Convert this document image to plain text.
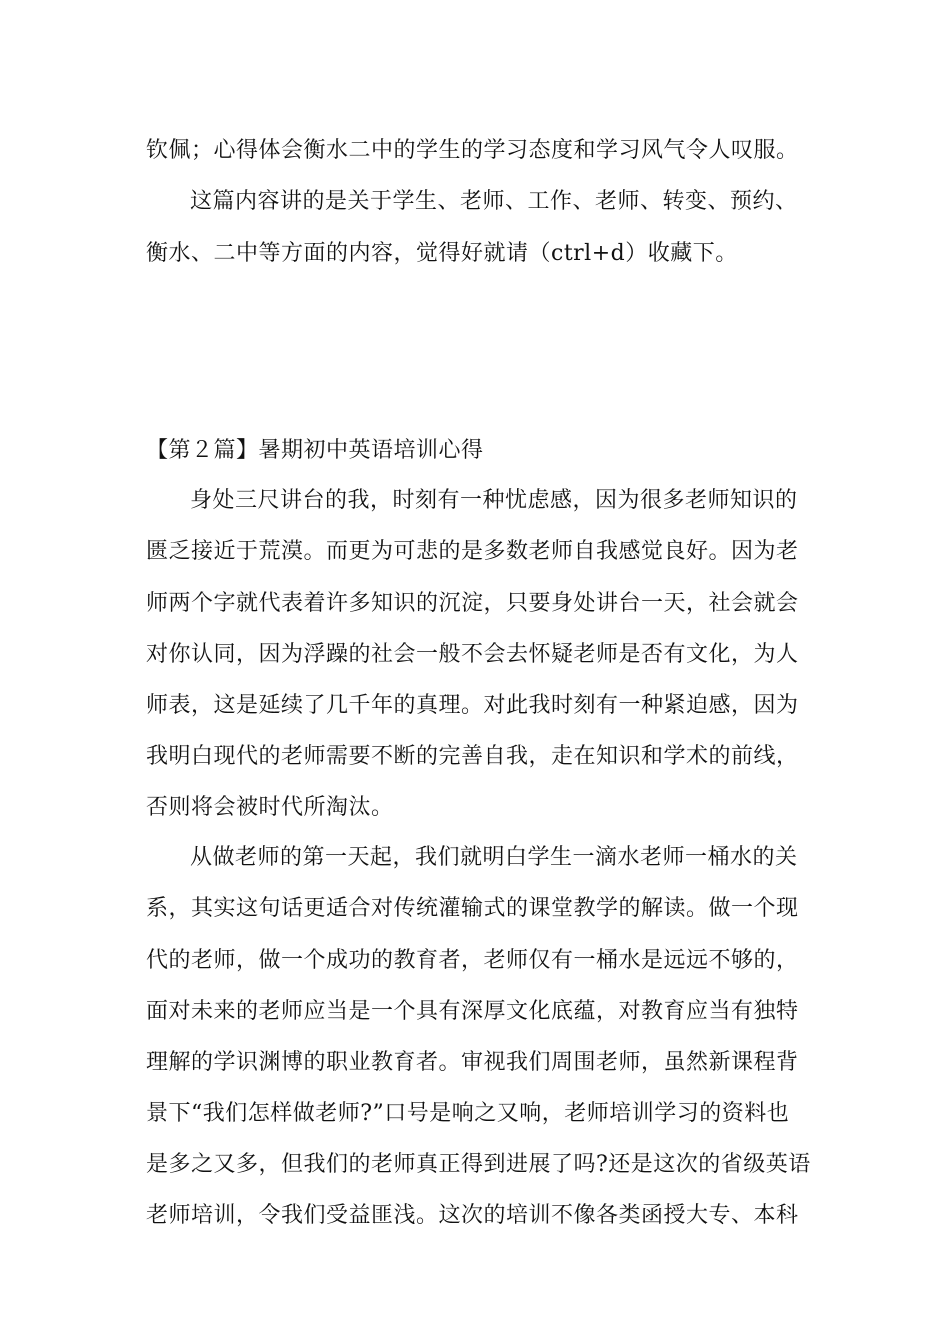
钦佩；心得体会衡水二中的学生的学习态度和学习风气令人叹服。
这篇内容讲的是关于学生、老师、工作、老师、转变、预约、
衡水、二中等方面的内容，觉得好就请（ctrl+d）收藏下。
【第２篇】暑期初中英语培训心得
身处三尺讲台的我，时刻有一种忧虑感，因为很多老师知识的
匮乏接近于荒漠。而更为可悲的是多数老师自我感觉良好。因为老
师两个字就代表着许多知识的沉淀，只要身处讲台一天，社会就会
对你认同，因为浮躁的社会一般不会去怀疑老师是否有文化，为人
师表，这是延续了几千年的真理。对此我时刻有一种紧迫感，因为
我明白现代的老师需要不断的完善自我，走在知识和学术的前线，
否则将会被时代所淘汰。
从做老师的第一天起，我们就明白学生一滴水老师一桶水的关
系，其实这句话更适合对传统灌输式的课堂教学的解读。做一个现
代的老师，做一个成功的教育者，老师仅有一桶水是远远不够的，
面对未来的老师应当是一个具有深厚文化底蕴，对教育应当有独特
理解的学识渊博的职业教育者。审视我们周围老师，虽然新课程背
景下“我们怎样做老师?”口号是响之又响，老师培训学习的资料也
是多之又多，但我们的老师真正得到进展了吗?还是这次的省级英语
老师培训，令我们受益匪浅。这次的培训不像各类函授大专、本科
